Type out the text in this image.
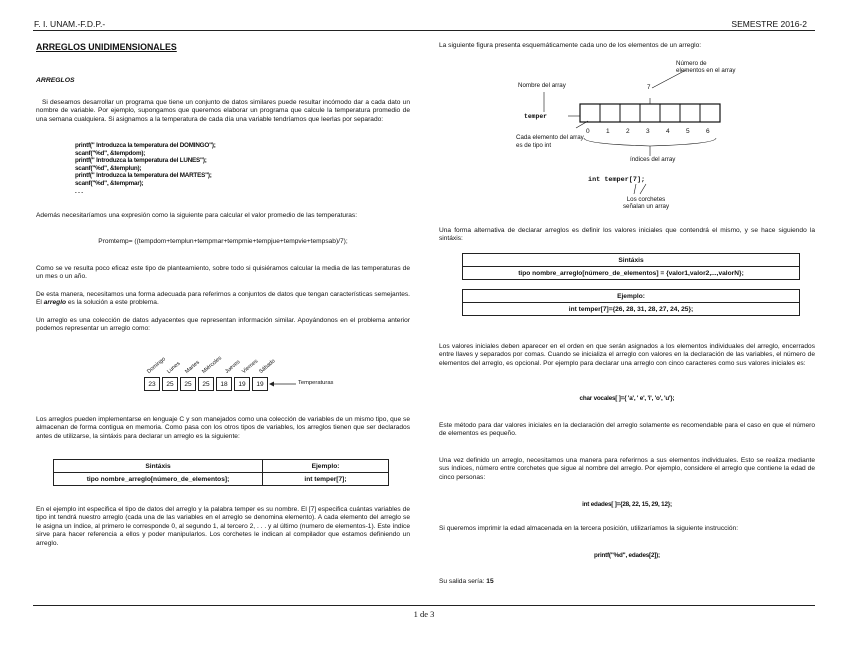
F. I. UNAM.-F.D.P.-	SEMESTRE 2016-2
ARREGLOS UNIDIMENSIONALES
ARREGLOS
Si deseamos desarrollar un programa que tiene un conjunto de datos similares puede resultar incómodo dar a cada dato un nombre de variable. Por ejemplo, supongamos que queremos elaborar un programa que calcule la temperatura promedio de una semana cualquiera. Si asignamos a la temperatura de cada día una variable tendríamos que leerlas por separado:
printf(" Introduzca la temperatura del DOMINGO");
scanf("%d", &tempdom);
printf(" Introduzca la temperatura del LUNES");
scanf("%d", &templun);
printf(" Introduzca la temperatura del MARTES");
scanf("%d", &tempmar);
. . .
Además necesitaríamos una expresión como la siguiente para calcular el valor promedio de las temperaturas:
Promtemp= ((tempdom+templun+tempmar+tempmie+tempjue+tempvie+tempsab)/7);
Como se ve resulta poco eficaz este tipo de planteamiento, sobre todo si quisiéramos calcular la media de las temperaturas de un mes o un año.
De esta manera, necesitamos una forma adecuada para referirnos a conjuntos de datos que tengan características semejantes. El arreglo es la solución a este problema.
Un arreglo es una colección de datos adyacentes que representan información similar. Apoyándonos en el problema anterior podemos representar un arreglo como:
Domingo Lunes Martes Miércoles Jueves Viernes
Sábado
23	25	25	25	18	19	19	Temperaturas
Los arreglos pueden implementarse en lenguaje C y son manejados como una colección de variables de un mismo tipo, que se almacenan de forma contigua en memoria. Como pasa con los otros tipos de variables, los arreglos tienen que ser declarados antes de utilizarse, la sintáxis para declarar un arreglo es la siguiente:
Sintáxis	Ejemplo:
tipo nombre_arreglo[número_de_elementos];	int temper[7];
En el ejemplo int especifica el tipo de datos del arreglo y la palabra temper es su nombre. El [7] especifica cuántas variables de tipo int tendrá nuestro arreglo (cada una de las variables en el arreglo se denomina elemento). A cada elemento del arreglo se le asigna un índice, al primero le corresponde 0, al segundo 1, al tercero 2, . . . y al último (numero de elementos-1). Este índice sirve para hacer referencia a ellos y poder manipularlos. Los corchetes le indican al compilador que estamos definiendo un arreglo.
La siguiente figura presenta esquemáticamente cada uno de los elementos de un arreglo:
Nombre del array
Número de elementos en el array
7
temper
0	1	2	3	4	5	6
Cada elemento del array es de tipo int
índices del array
int temper[7];
Los corchetes señalan un array
Una forma alternativa de declarar arreglos es definir los valores iniciales que contendrá el mismo, y se hace siguiendo la sintáxis:
Sintáxis
tipo nombre_arreglo[número_de_elementos] = {valor1,valor2,...,valorN};
Ejemplo:
int temper[7]={26, 28, 31, 28, 27, 24, 25};
Los valores iniciales deben aparecer en el orden en que serán asignados a los elementos individuales del arreglo, encerrados entre llaves y separados por comas. Cuando se inicializa el arreglo con valores en la declaración de las variables, el número de elementos del arreglo, es opcional. Por ejemplo para declarar una arreglo con cinco caracteres como sus valores iniciales es:
char vocales[ ]={ 'a', ' e', 'i', 'o', 'u'};
Este método para dar valores iniciales en la declaración del arreglo solamente es recomendable para el caso en que el número de elementos es pequeño.
Una vez definido un arreglo, necesitamos una manera para referirnos a sus elementos individuales. Esto se realiza mediante sus índices, número entre corchetes que sigue al nombre del arreglo. Por ejemplo, considere el arreglo que contiene la edad de cinco personas:
int edades[ ]={28, 22, 15, 29, 12};
Si queremos imprimir la edad almacenada en la tercera posición, utilizaríamos la siguiente instrucción:
printf("%d", edades[2]);
Su salida sería: 15
1 de 3
